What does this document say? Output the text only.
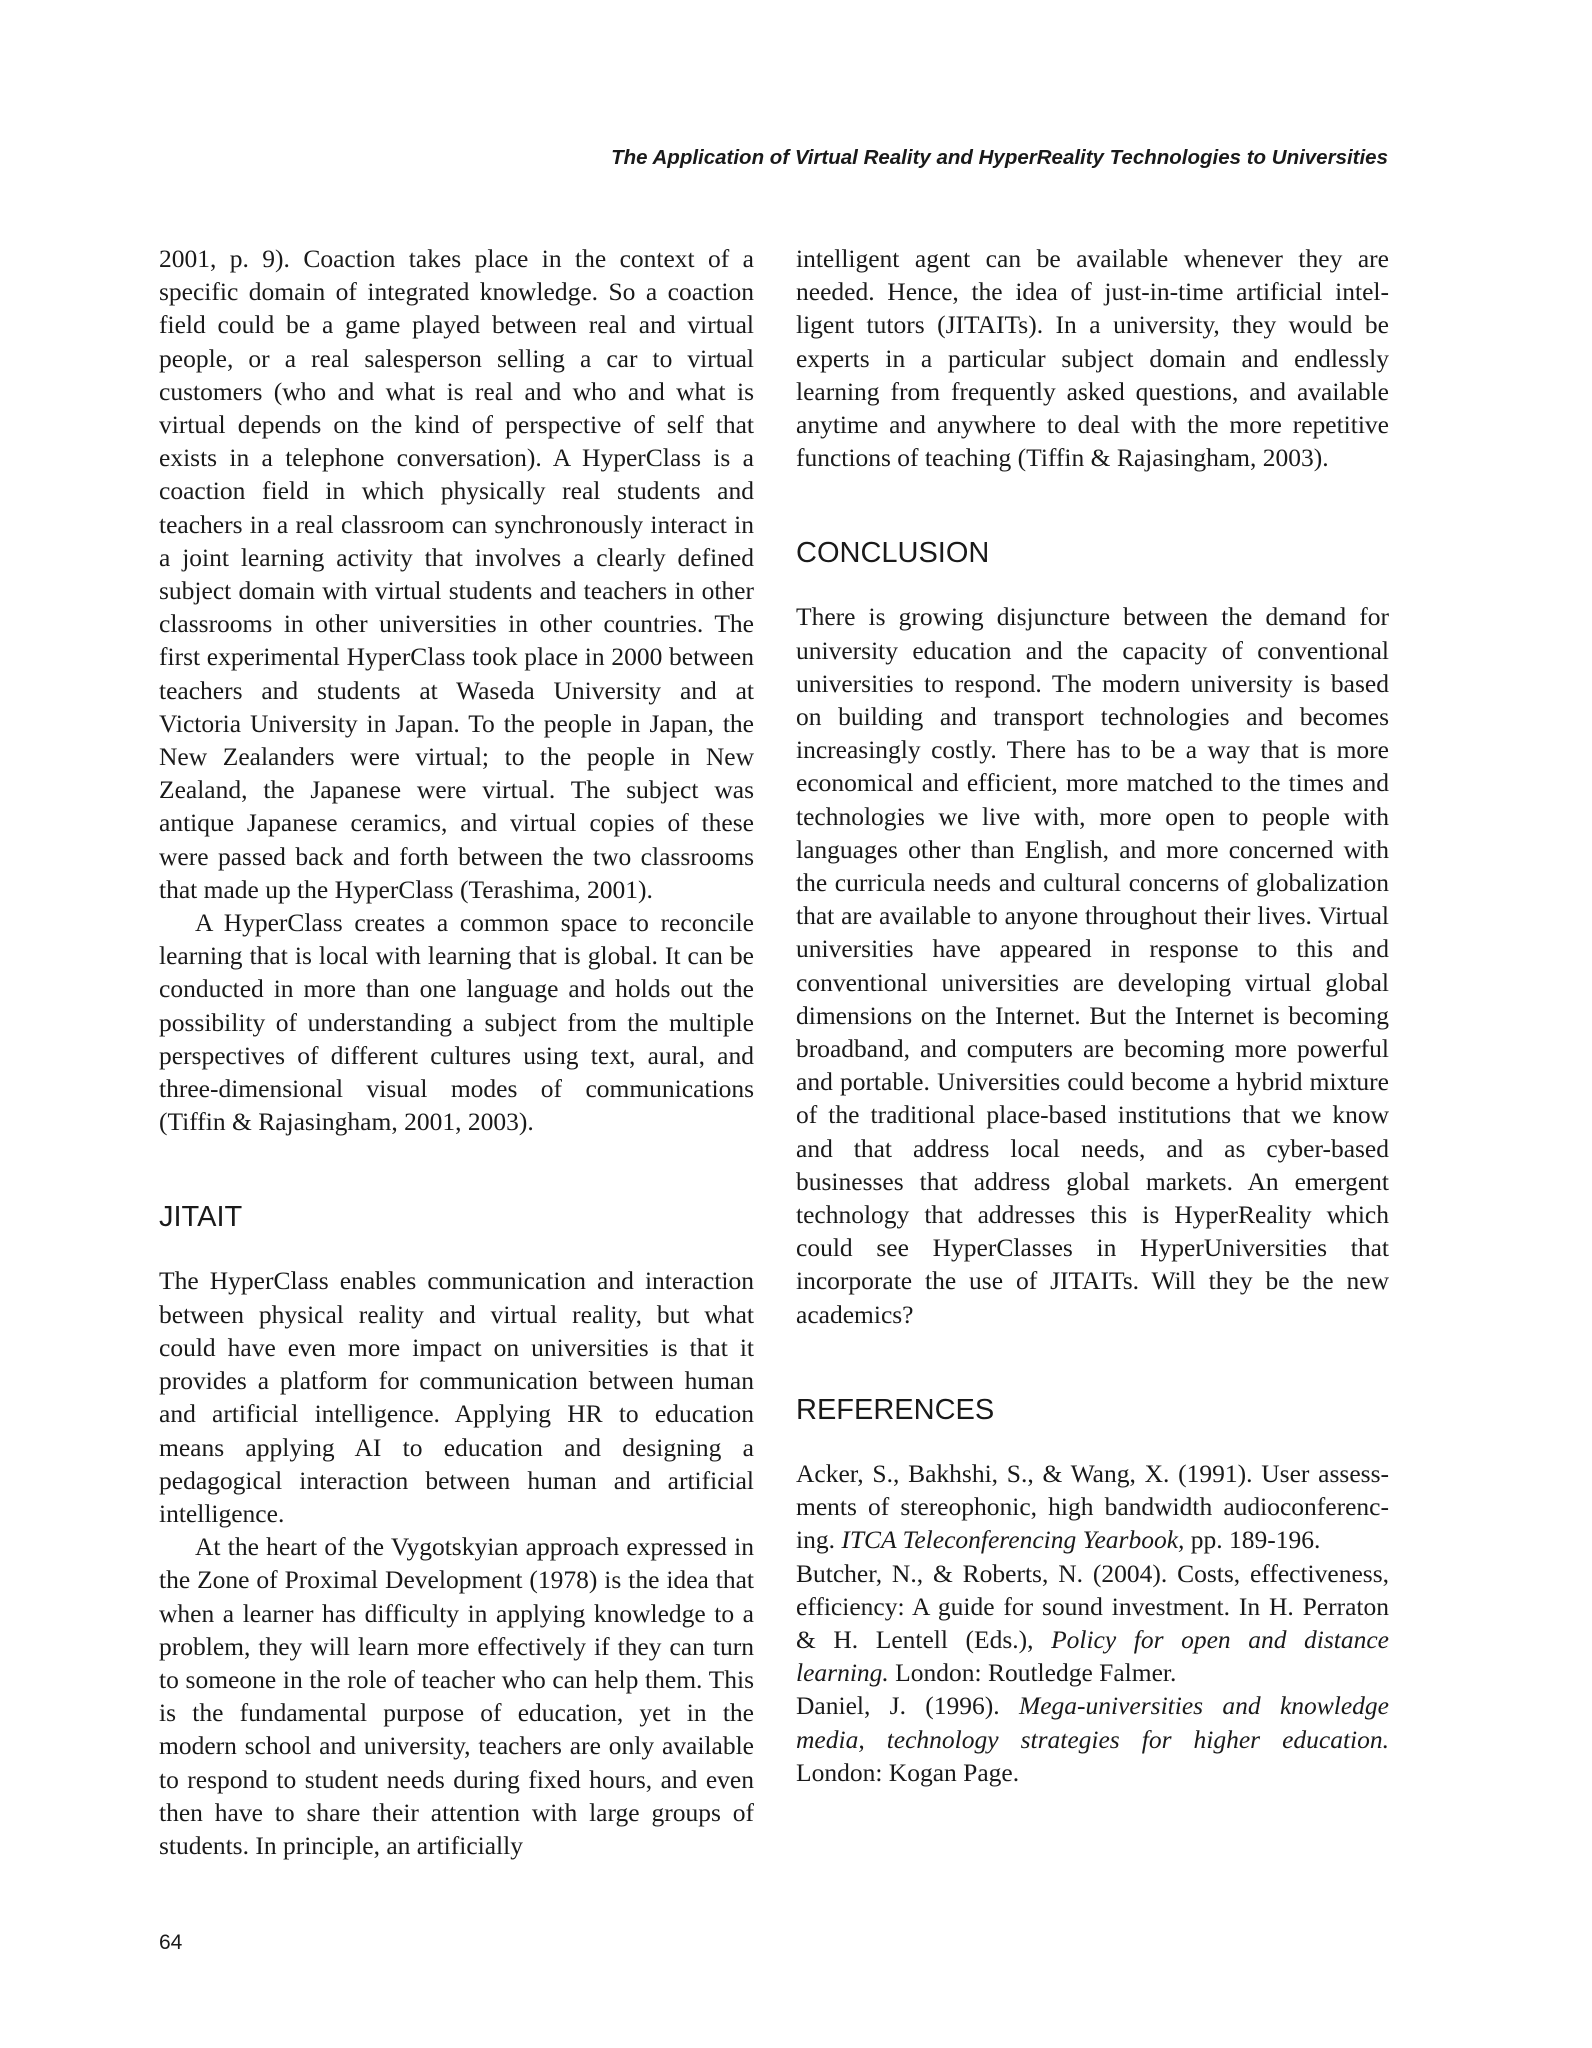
The Application of Virtual Reality and HyperReality Technologies to Universities

2001, p. 9). Coaction takes place in the context of a specific domain of integrated knowledge. So a coaction field could be a game played between real and virtual people, or a real salesperson selling a car to virtual customers (who and what is real and who and what is virtual depends on the kind of perspective of self that exists in a telephone conversation). A HyperClass is a coaction field in which physically real students and teachers in a real classroom can synchronously interact in a joint learning activity that involves a clearly defined subject domain with virtual students and teachers in other classrooms in other universities in other countries. The first experimental HyperClass took place in 2000 between teachers and students at Waseda University and at Victoria University in Japan. To the people in Japan, the New Zealanders were virtual; to the people in New Zealand, the Japanese were virtual. The subject was antique Japanese ceramics, and virtual copies of these were passed back and forth between the two classrooms that made up the HyperClass (Terashima, 2001).

A HyperClass creates a common space to reconcile learning that is local with learning that is global. It can be conducted in more than one language and holds out the possibility of understanding a subject from the multiple perspectives of different cultures using text, aural, and three-dimensional visual modes of communications (Tiffin & Rajasingham, 2001, 2003).

JITAIT

The HyperClass enables communication and interaction between physical reality and virtual reality, but what could have even more impact on universities is that it provides a platform for communication between human and artificial intelligence. Applying HR to education means applying AI to education and designing a pedagogical interaction between human and artificial intelligence.

At the heart of the Vygotskyian approach expressed in the Zone of Proximal Development (1978) is the idea that when a learner has difficulty in applying knowledge to a problem, they will learn more effectively if they can turn to someone in the role of teacher who can help them. This is the fundamental purpose of education, yet in the modern school and university, teachers are only available to respond to student needs during fixed hours, and even then have to share their attention with large groups of students. In principle, an artificially

intelligent agent can be available whenever they are needed. Hence, the idea of just-in-time artificial intelligent tutors (JITAITs). In a university, they would be experts in a particular subject domain and endlessly learning from frequently asked questions, and available anytime and anywhere to deal with the more repetitive functions of teaching (Tiffin & Rajasingham, 2003).

CONCLUSION

There is growing disjuncture between the demand for university education and the capacity of conventional universities to respond. The modern university is based on building and transport technologies and becomes increasingly costly. There has to be a way that is more economical and efficient, more matched to the times and technologies we live with, more open to people with languages other than English, and more concerned with the curricula needs and cultural concerns of globalization that are available to anyone throughout their lives. Virtual universities have appeared in response to this and conventional universities are developing virtual global dimensions on the Internet. But the Internet is becoming broadband, and computers are becoming more powerful and portable. Universities could become a hybrid mixture of the traditional place-based institutions that we know and that address local needs, and as cyber-based businesses that address global markets. An emergent technology that addresses this is HyperReality which could see HyperClasses in HyperUniversities that incorporate the use of JITAITs. Will they be the new academics?

REFERENCES

Acker, S., Bakhshi, S., & Wang, X. (1991). User assessments of stereophonic, high bandwidth audioconferencing. ITCA Teleconferencing Yearbook, pp. 189-196.

Butcher, N., & Roberts, N. (2004). Costs, effectiveness, efficiency: A guide for sound investment. In H. Perraton & H. Lentell (Eds.), Policy for open and distance learning. London: Routledge Falmer.

Daniel, J. (1996). Mega-universities and knowledge media, technology strategies for higher education. London: Kogan Page.

64
